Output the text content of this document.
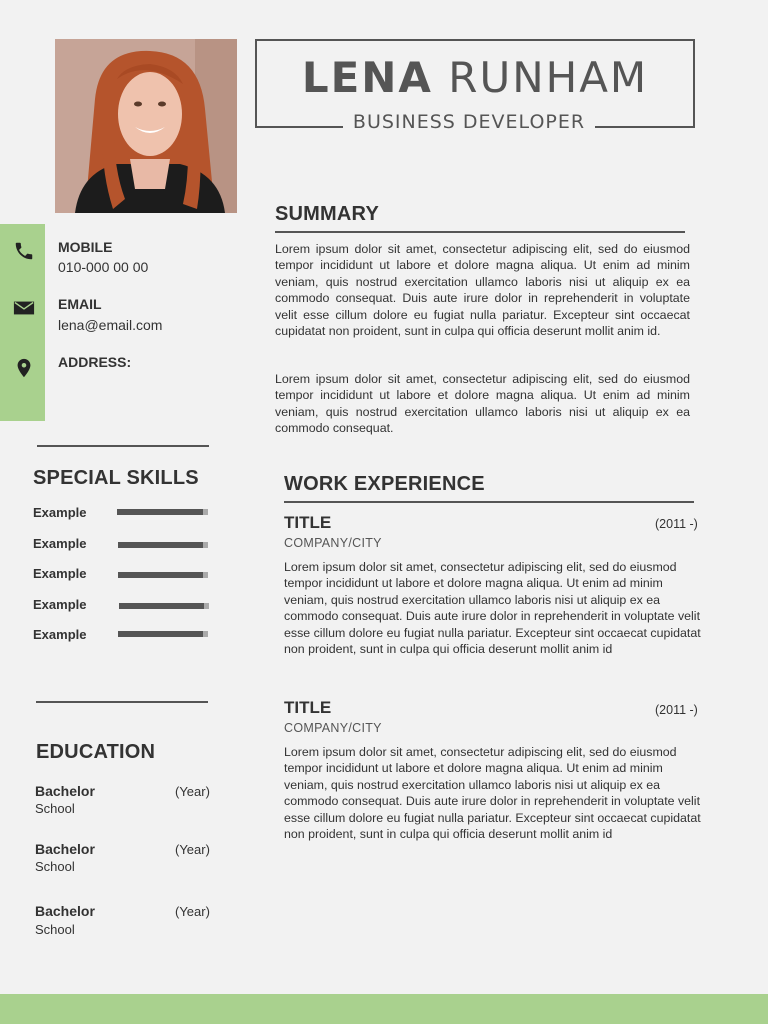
LENA RUNHAM
BUSINESS DEVELOPER
MOBILE
010-000 00 00
EMAIL
lena@email.com
ADDRESS:
SPECIAL SKILLS
Example
Example
Example
Example
Example
EDUCATION
Bachelor	(Year)
School
Bachelor	(Year)
School
Bachelor	(Year)
School
SUMMARY
Lorem ipsum dolor sit amet, consectetur adipiscing elit, sed do eiusmod tempor incididunt ut labore et dolore magna aliqua. Ut enim ad minim veniam, quis nostrud exercitation ullamco laboris nisi ut aliquip ex ea commodo consequat. Duis aute irure dolor in reprehenderit in voluptate velit esse cillum dolore eu fugiat nulla pariatur. Excepteur sint occaecat cupidatat non proident, sunt in culpa qui officia deserunt mollit anim id.
Lorem ipsum dolor sit amet, consectetur adipiscing elit, sed do eiusmod tempor incididunt ut labore et dolore magna aliqua. Ut enim ad minim veniam, quis nostrud exercitation ullamco laboris nisi ut aliquip ex ea commodo consequat.
WORK EXPERIENCE
TITLE	(2011 -)
COMPANY/CITY
Lorem ipsum dolor sit amet, consectetur adipiscing elit, sed do eiusmod tempor incididunt ut labore et dolore magna aliqua. Ut enim ad minim veniam, quis nostrud exercitation ullamco laboris nisi ut aliquip ex ea commodo consequat. Duis aute irure dolor in reprehenderit in voluptate velit esse cillum dolore eu fugiat nulla pariatur. Excepteur sint occaecat cupidatat non proident, sunt in culpa qui officia deserunt mollit anim id
TITLE	(2011 -)
COMPANY/CITY
Lorem ipsum dolor sit amet, consectetur adipiscing elit, sed do eiusmod tempor incididunt ut labore et dolore magna aliqua. Ut enim ad minim veniam, quis nostrud exercitation ullamco laboris nisi ut aliquip ex ea commodo consequat. Duis aute irure dolor in reprehenderit in voluptate velit esse cillum dolore eu fugiat nulla pariatur. Excepteur sint occaecat cupidatat non proident, sunt in culpa qui officia deserunt mollit anim id
